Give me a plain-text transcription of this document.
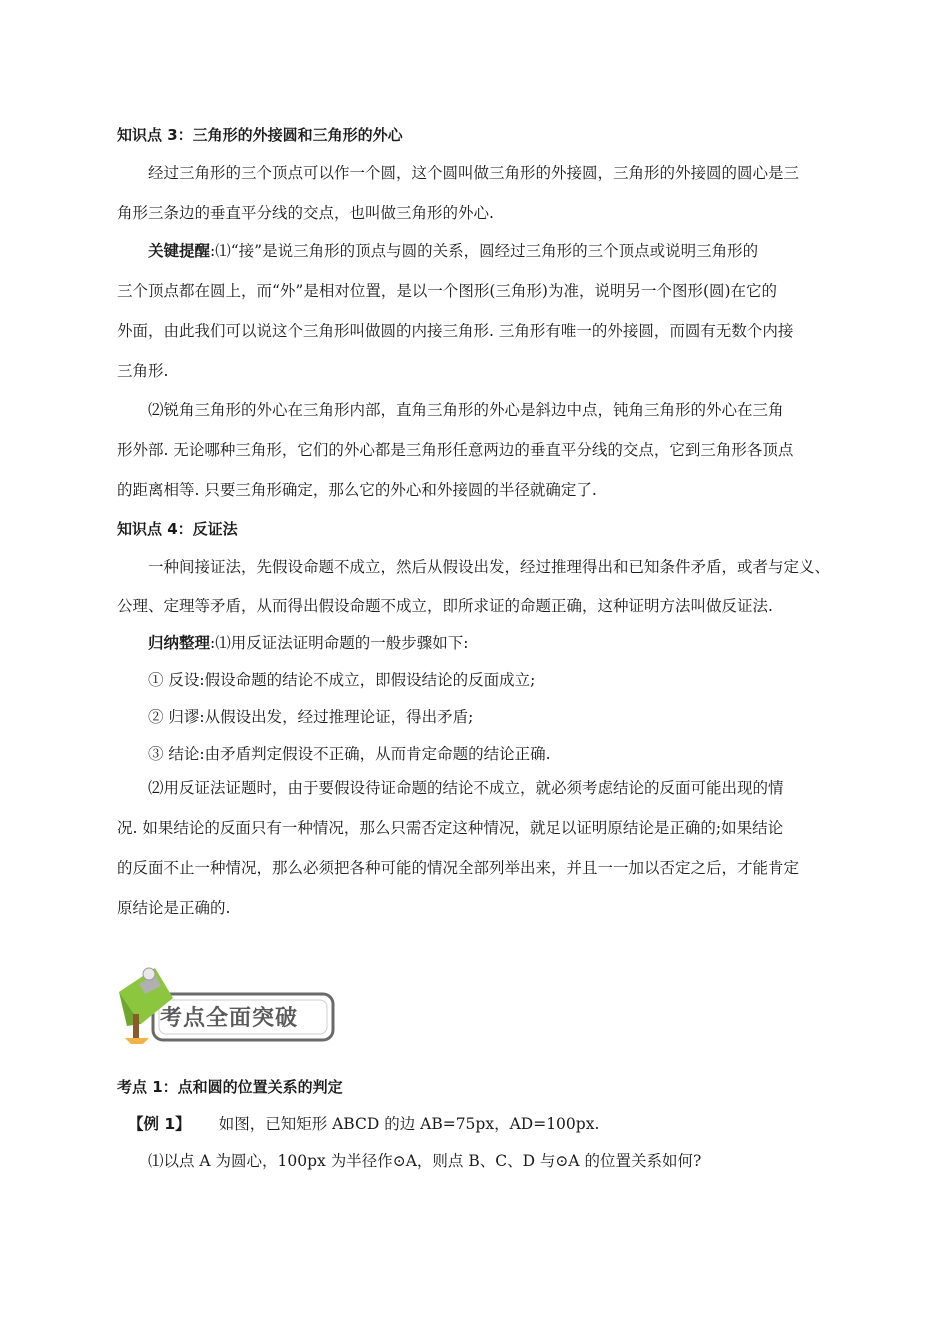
知识点 3：三角形的外接圆和三角形的外心
经过三角形的三个顶点可以作一个圆，这个圆叫做三角形的外接圆，三角形的外接圆的圆心是三
角形三条边的垂直平分线的交点，也叫做三角形的外心.
关键提醒:⑴“接”是说三角形的顶点与圆的关系，圆经过三角形的三个顶点或说明三角形的
三个顶点都在圆上，而“外”是相对位置，是以一个图形(三角形)为准，说明另一个图形(圆)在它的
外面，由此我们可以说这个三角形叫做圆的内接三角形. 三角形有唯一的外接圆，而圆有无数个内接
三角形.
⑵锐角三角形的外心在三角形内部，直角三角形的外心是斜边中点，钝角三角形的外心在三角
形外部. 无论哪种三角形，它们的外心都是三角形任意两边的垂直平分线的交点，它到三角形各顶点
的距离相等. 只要三角形确定，那么它的外心和外接圆的半径就确定了.
知识点 4：反证法
一种间接证法，先假设命题不成立，然后从假设出发，经过推理得出和已知条件矛盾，或者与定义、
公理、定理等矛盾，从而得出假设命题不成立，即所求证的命题正确，这种证明方法叫做反证法.
归纳整理:⑴用反证法证明命题的一般步骤如下:
① 反设:假设命题的结论不成立，即假设结论的反面成立;
② 归谬:从假设出发，经过推理论证，得出矛盾;
③ 结论:由矛盾判定假设不正确，从而肯定命题的结论正确.
⑵用反证法证题时，由于要假设待证命题的结论不成立，就必须考虑结论的反面可能出现的情
况. 如果结论的反面只有一种情况，那么只需否定这种情况，就足以证明原结论是正确的;如果结论
的反面不止一种情况，那么必须把各种可能的情况全部列举出来，并且一一加以否定之后，才能肯定
原结论是正确的.
考点全面突破
考点 1：点和圆的位置关系的判定
【例 1】 如图，已知矩形 ABCD 的边 AB=75px，AD=100px.
⑴以点 A 为圆心，100px 为半径作⊙A，则点 B、C、D 与⊙A 的位置关系如何?
